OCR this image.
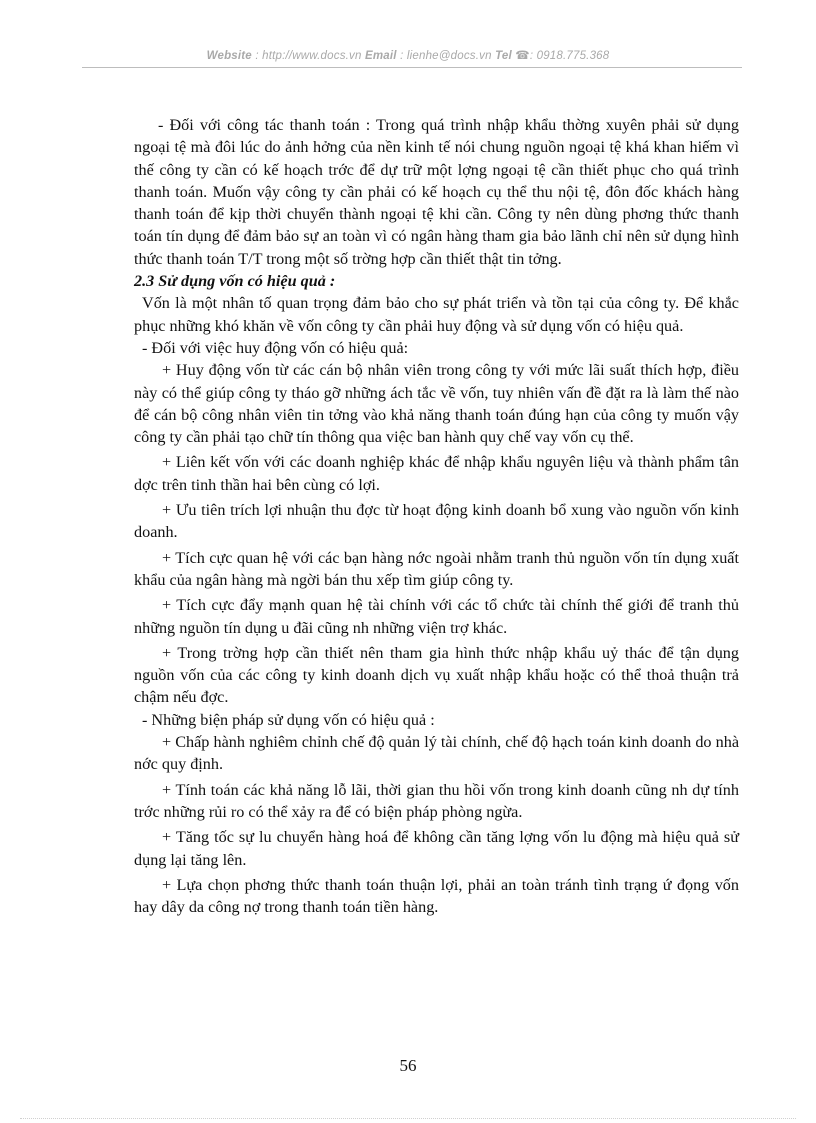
Website : http://www.docs.vn Email : lienhe@docs.vn Tel ☎: 0918.775.368

- Đối với công tác thanh toán : Trong quá trình nhập khẩu thờng xuyên phải sử dụng ngoại tệ mà đôi lúc do ảnh hởng của nền kinh tế nói chung nguồn ngoại tệ khá khan hiếm vì thế công ty cần có kế hoạch trớc để dự trữ một lợng ngoại tệ cần thiết phục cho quá trình thanh toán. Muốn vậy công ty cần phải có kế hoạch cụ thể thu nội tệ, đôn đốc khách hàng thanh toán để kịp thời chuyển thành ngoại tệ khi cần. Công ty nên dùng phơng thức thanh toán tín dụng để đảm bảo sự an toàn vì có ngân hàng tham gia bảo lãnh chỉ nên sử dụng hình thức thanh toán T/T trong một số trờng hợp cần thiết thật tin tởng.

2.3 Sử dụng vốn có hiệu quả :

Vốn là một nhân tố quan trọng đảm bảo cho sự phát triển và tồn tại của công ty. Để khắc phục những khó khăn về vốn công ty cần phải huy động và sử dụng vốn có hiệu quả.

- Đối với việc huy động vốn có hiệu quả:

+ Huy động vốn từ các cán bộ nhân viên trong công ty với mức lãi suất thích hợp, điều này có thể giúp công ty tháo gỡ những ách tắc về vốn, tuy nhiên vấn đề đặt ra là làm thế nào để cán bộ công nhân viên tin tởng vào khả năng thanh toán đúng hạn của công ty muốn vậy công ty cần phải tạo chữ tín thông qua việc ban hành quy chế vay vốn cụ thể.

+ Liên kết vốn với các doanh nghiệp khác để nhập khẩu nguyên liệu và thành phẩm tân dợc trên tinh thần hai bên cùng có lợi.

+ Ưu tiên trích lợi nhuận thu đợc từ hoạt động kinh doanh bổ xung vào nguồn vốn kinh doanh.

+ Tích cực quan hệ với các bạn hàng nớc ngoài nhằm tranh thủ nguồn vốn tín dụng xuất khẩu của ngân hàng mà ngời bán thu xếp tìm giúp công ty.

+ Tích cực đẩy mạnh quan hệ tài chính với các tổ chức tài chính thế giới để tranh thủ những nguồn tín dụng u đãi cũng nh những viện trợ khác.

+ Trong trờng hợp cần thiết nên tham gia hình thức nhập khẩu uỷ thác để tận dụng nguồn vốn của các công ty kinh doanh dịch vụ xuất nhập khẩu hoặc có thể thoả thuận trả chậm nếu đợc.

- Những biện pháp sử dụng vốn có hiệu quả :

+ Chấp hành nghiêm chỉnh chế độ quản lý tài chính, chế độ hạch toán kinh doanh do nhà nớc quy định.

+ Tính toán các khả năng lỗ lãi, thời gian thu hồi vốn trong kinh doanh cũng nh dự tính trớc những rủi ro có thể xảy ra để có biện pháp phòng ngừa.

+ Tăng tốc sự lu chuyển hàng hoá để không cần tăng lợng vốn lu động mà hiệu quả sử dụng lại tăng lên.

+ Lựa chọn phơng thức thanh toán thuận lợi, phải an toàn tránh tình trạng ứ đọng vốn hay dây da công nợ trong thanh toán tiền hàng.

56
